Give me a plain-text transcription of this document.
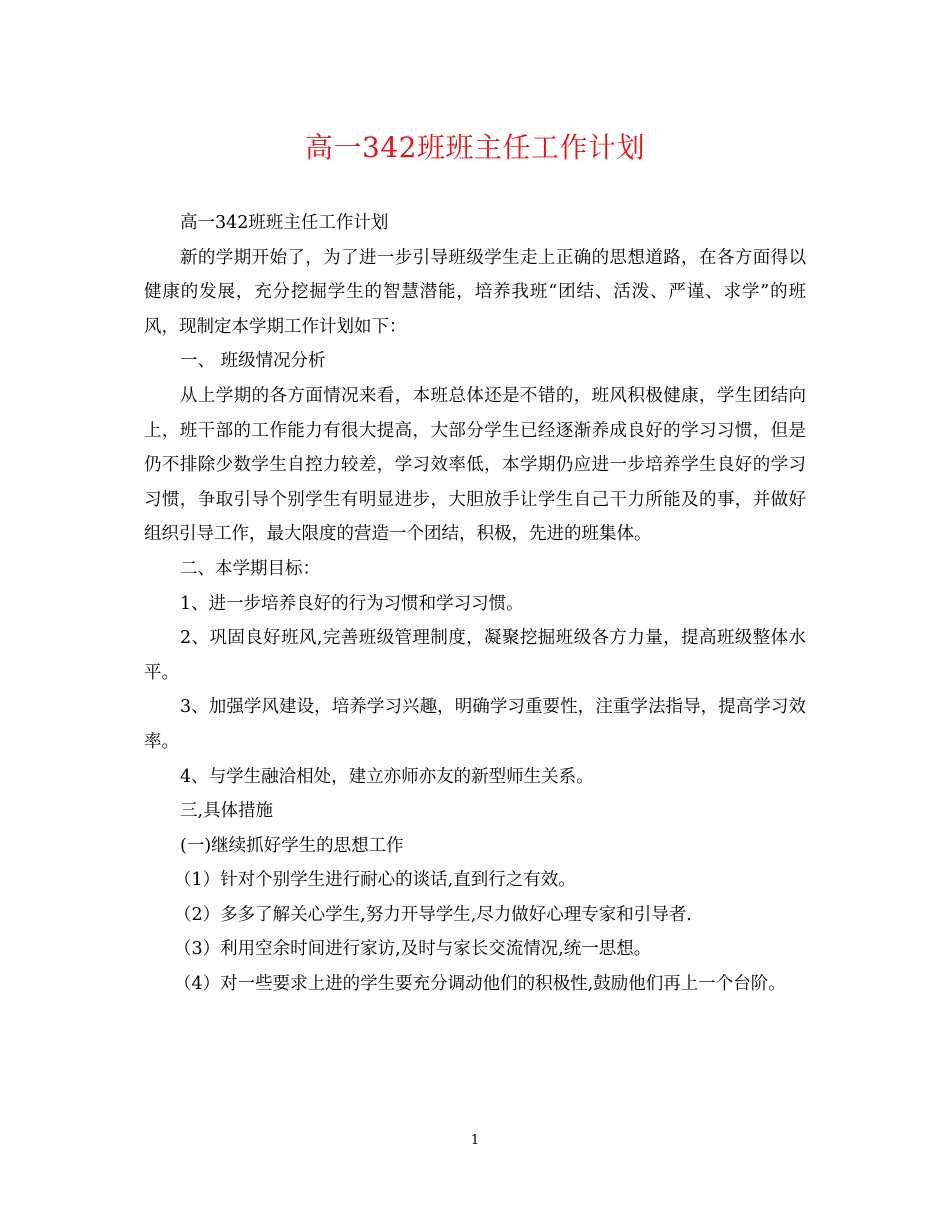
高一342班班主任工作计划

高一342班班主任工作计划

新的学期开始了，为了进一步引导班级学生走上正确的思想道路，在各方面得以健康的发展，充分挖掘学生的智慧潜能，培养我班“团结、活泼、严谨、求学”的班风，现制定本学期工作计划如下：

一、 班级情况分析

从上学期的各方面情况来看，本班总体还是不错的，班风积极健康，学生团结向上，班干部的工作能力有很大提高，大部分学生已经逐渐养成良好的学习习惯，但是仍不排除少数学生自控力较差，学习效率低，本学期仍应进一步培养学生良好的学习习惯，争取引导个别学生有明显进步，大胆放手让学生自己干力所能及的事，并做好组织引导工作，最大限度的营造一个团结，积极，先进的班集体。

二、本学期目标：

1、进一步培养良好的行为习惯和学习习惯。

2、巩固良好班风,完善班级管理制度，凝聚挖掘班级各方力量，提高班级整体水平。

3、加强学风建设，培养学习兴趣，明确学习重要性，注重学法指导，提高学习效率。

4、与学生融洽相处，建立亦师亦友的新型师生关系。

三,具体措施

(一)继续抓好学生的思想工作

（1）针对个别学生进行耐心的谈话,直到行之有效。

（2）多多了解关心学生,努力开导学生,尽力做好心理专家和引导者.

（3）利用空余时间进行家访,及时与家长交流情况,统一思想。

（4）对一些要求上进的学生要充分调动他们的积极性,鼓励他们再上一个台阶。

1
